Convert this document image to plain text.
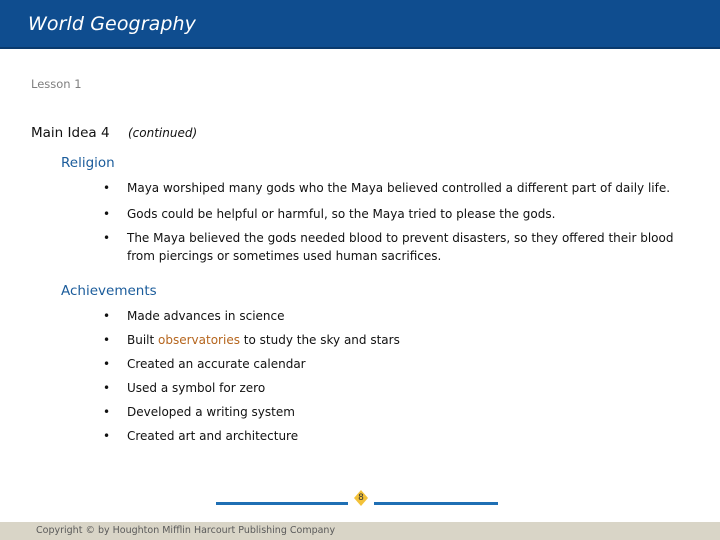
World Geography
Lesson 1
Main Idea 4 (continued)
Religion
• Maya worshiped many gods who the Maya believed controlled a different part of daily life.
• Gods could be helpful or harmful, so the Maya tried to please the gods.
• The Maya believed the gods needed blood to prevent disasters, so they offered their blood from piercings or sometimes used human sacrifices.
Achievements
• Made advances in science
• Built observatories to study the sky and stars
• Created an accurate calendar
• Used a symbol for zero
• Developed a writing system
• Created art and architecture
8
Copyright © by Houghton Mifflin Harcourt Publishing Company
